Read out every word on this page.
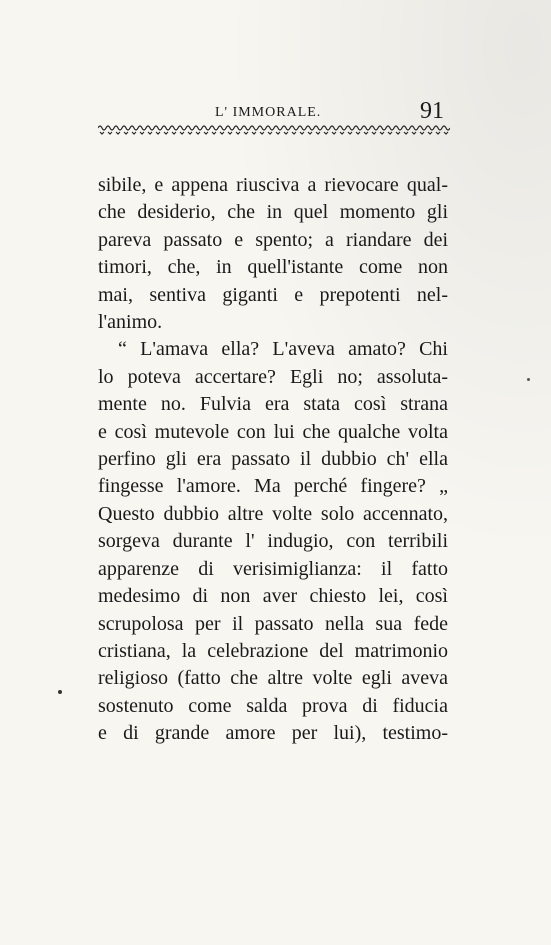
L' IMMORALE.	91
sibile, e appena riusciva a rievocare qual-
che desiderio, che in quel momento gli
pareva passato e spento; a riandare dei
timori, che, in quell'istante come non
mai, sentiva giganti e prepotenti nel-
l'animo.
“ L'amava ella? L'aveva amato? Chi
lo poteva accertare? Egli no; assoluta-
mente no. Fulvia era stata così strana
e così mutevole con lui che qualche volta
perfino gli era passato il dubbio ch' ella
fingesse l'amore. Ma perché fingere? „
Questo dubbio altre volte solo accennato,
sorgeva durante l' indugio, con terribili
apparenze di verisimiglianza: il fatto
medesimo di non aver chiesto lei, così
scrupolosa per il passato nella sua fede
cristiana, la celebrazione del matrimonio
religioso (fatto che altre volte egli aveva
sostenuto come salda prova di fiducia
e di grande amore per lui), testimo-
